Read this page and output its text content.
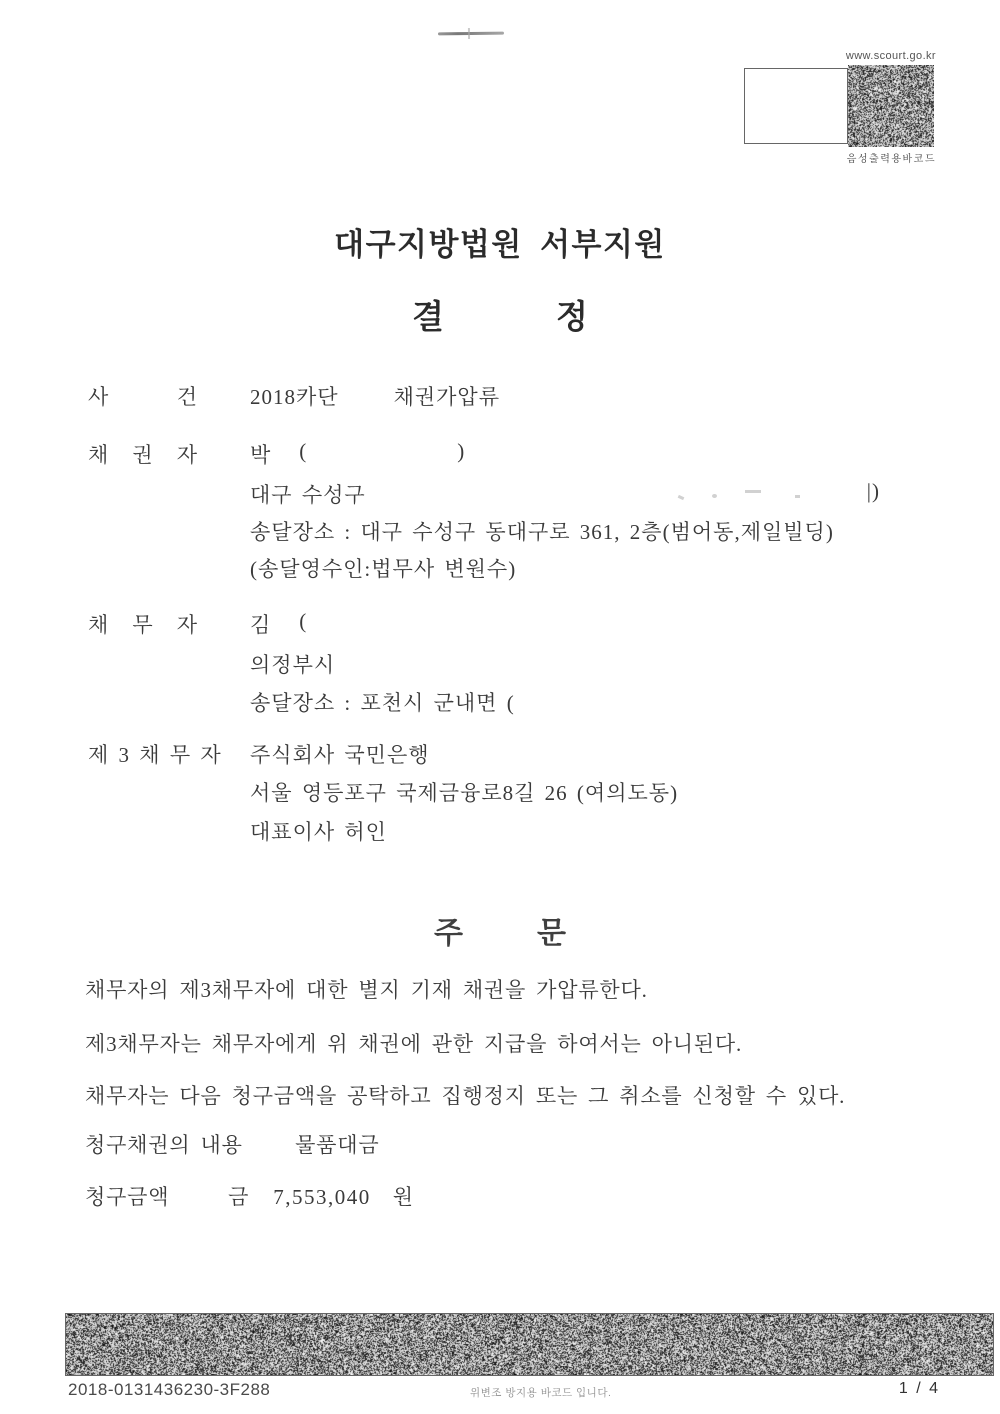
www.scourt.go.kr
음성출력용바코드
대구지방법원 서부지원
결	정
사 건 2018카단	채권가압류
채 권 자 박 (	)
대구 수성구	|)
송달장소 : 대구 수성구 동대구로 361, 2층(범어동,제일빌딩)
(송달영수인:법무사 변원수)
채 무 자 김 (
의정부시
송달장소 : 포천시 군내면 (
제 3 채 무 자 주식회사 국민은행
서울 영등포구 국제금융로8길 26 (여의도동)
대표이사 허인
주 문
채무자의 제3채무자에 대한 별지 기재 채권을 가압류한다.
제3채무자는 채무자에게 위 채권에 관한 지급을 하여서는 아니된다.
채무자는 다음 청구금액을 공탁하고 집행정지 또는 그 취소를 신청할 수 있다.
청구채권의 내용 물품대금
청구금액	금 7,553,040 원
2018-0131436230-3F288	위변조 방지용 바코드 입니다.	1 / 4
